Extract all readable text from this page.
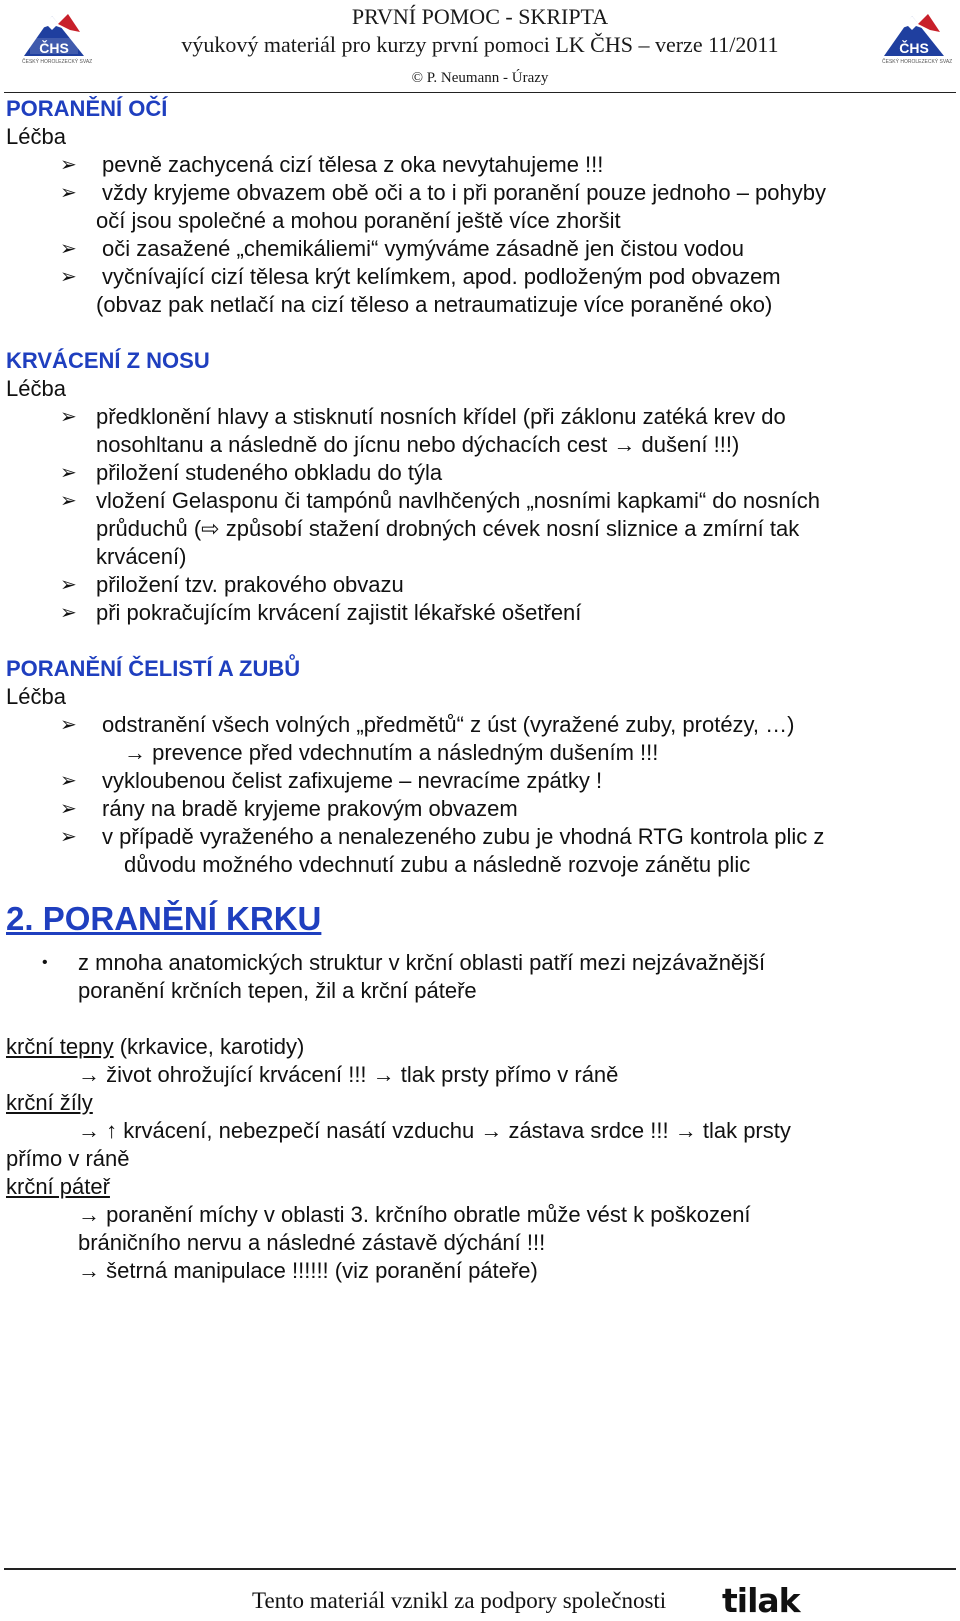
ČHS
ČESKÝ HOROLEZECKÝ SVAZ
PRVNÍ POMOC - SKRIPTA
výukový materiál pro kurzy první pomoci LK ČHS – verze 11/2011
© P. Neumann - Úrazy
ČHS
ČESKÝ HOROLEZECKÝ SVAZ
PORANĚNÍ OČÍ
Léčba
➢ pevně zachycená cizí tělesa z oka nevytahujeme !!!
➢ vždy kryjeme obvazem obě oči a to i při poranění pouze jednoho – pohyby
očí jsou společné a mohou poranění ještě více zhoršit
➢ oči zasažené „chemikáliemi“ vymýváme zásadně jen čistou vodou
➢ vyčnívající cizí tělesa krýt kelímkem, apod. podloženým pod obvazem
(obvaz pak netlačí na cizí těleso a netraumatizuje více poraněné oko)
KRVÁCENÍ Z NOSU
Léčba
➢ předklonění hlavy a stisknutí nosních křídel (při záklonu zatéká krev do
nosohltanu a následně do jícnu nebo dýchacích cest → dušení !!!)
➢ přiložení studeného obkladu do týla
➢ vložení Gelasponu či tampónů navlhčených „nosními kapkami“ do nosních
průduchů (⇨ způsobí stažení drobných cévek nosní sliznice a zmírní tak
krvácení)
➢ přiložení tzv. prakového obvazu
➢ při pokračujícím krvácení zajistit lékařské ošetření
PORANĚNÍ ČELISTÍ A ZUBŮ
Léčba
➢ odstranění všech volných „předmětů“ z úst (vyražené zuby, protézy, …)
→ prevence před vdechnutím a následným dušením !!!
➢ vykloubenou čelist zafixujeme – nevracíme zpátky !
➢ rány na bradě kryjeme prakovým obvazem
➢ v případě vyraženého a nenalezeného zubu je vhodná RTG kontrola plic z
důvodu možného vdechnutí zubu a následně rozvoje zánětu plic
2. PORANĚNÍ KRKU
• z mnoha anatomických struktur v krční oblasti patří mezi nejzávažnější
poranění krčních tepen, žil a krční páteře
krční tepny (krkavice, karotidy)
→ život ohrožující krvácení !!! → tlak prsty přímo v ráně
krční žíly
→ ↑ krvácení, nebezpečí nasátí vzduchu → zástava srdce !!! → tlak prsty
přímo v ráně
krční páteř
→ poranění míchy v oblasti 3. krčního obratle může vést k poškození
bráničního nervu a následné zástavě dýchání !!!
→ šetrná manipulace !!!!!! (viz poranění páteře)
Tento materiál vznikl za podpory společnosti tilak
